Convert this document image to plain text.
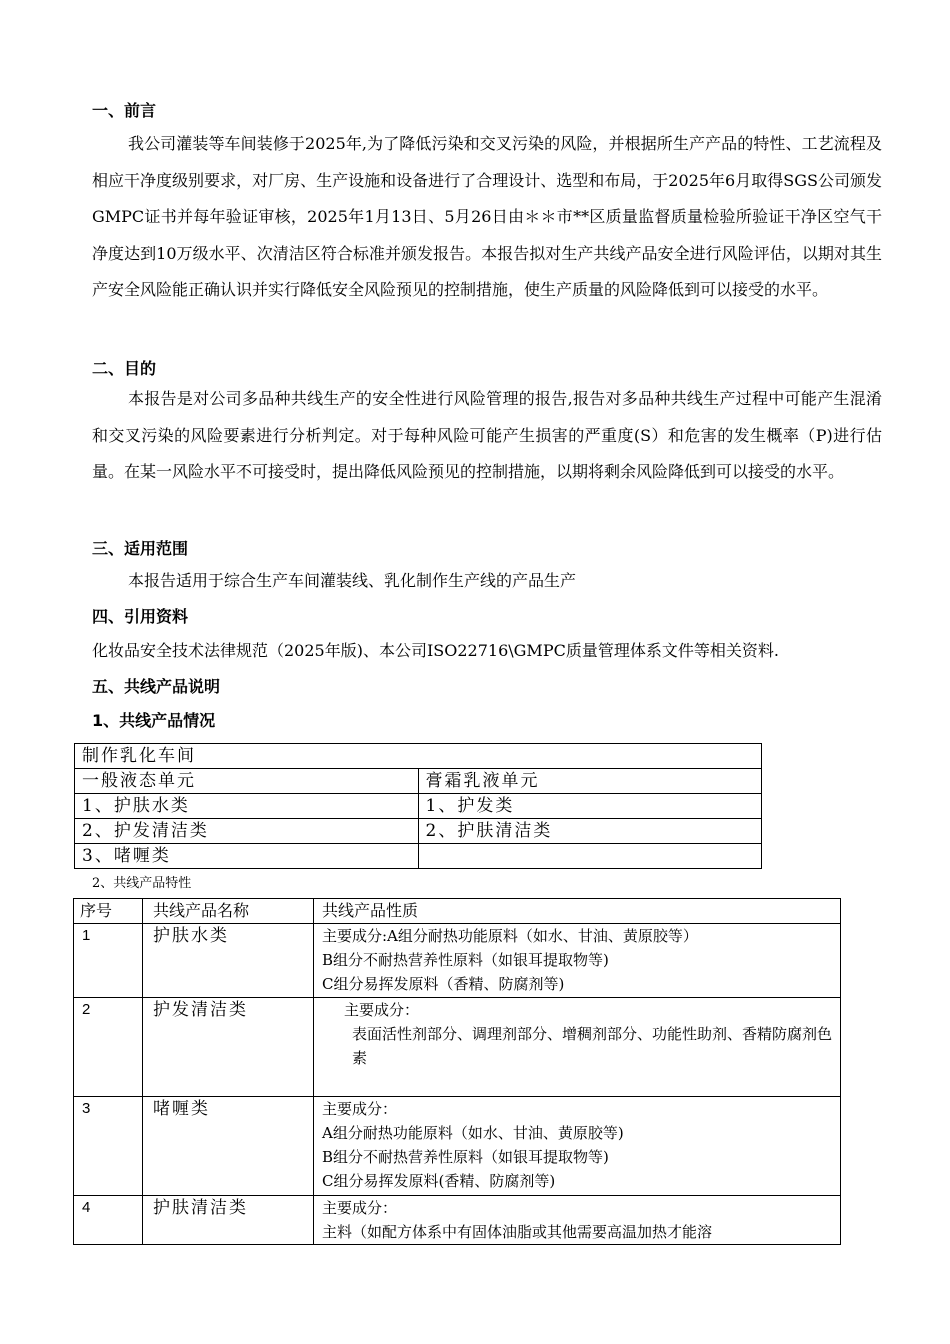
一、前言

我公司灌装等车间装修于2025年,为了降低污染和交叉污染的风险，并根据所生产产品的特性、工艺流程及相应干净度级别要求，对厂房、生产设施和设备进行了合理设计、选型和布局，于2025年6月取得SGS公司颁发GMPC证书并每年验证审核，2025年1月13日、5月26日由＊＊市**区质量监督质量检验所验证干净区空气干净度达到10万级水平、次清洁区符合标准并颁发报告。本报告拟对生产共线产品安全进行风险评估，以期对其生产安全风险能正确认识并实行降低安全风险预见的控制措施，使生产质量的风险降低到可以接受的水平。

二、目的

本报告是对公司多品种共线生产的安全性进行风险管理的报告,报告对多品种共线生产过程中可能产生混淆和交叉污染的风险要素进行分析判定。对于每种风险可能产生损害的严重度(S）和危害的发生概率（P)进行估量。在某一风险水平不可接受时，提出降低风险预见的控制措施，以期将剩余风险降低到可以接受的水平。

三、适用范围

本报告适用于综合生产车间灌装线、乳化制作生产线的产品生产

四、引用资料
化妆品安全技术法律规范（2025年版)、本公司ISO22716\GMPC质量管理体系文件等相关资料.
五、共线产品说明
1、共线产品情况
制作乳化车间	
一般液态单元	膏霜乳液单元
1、护肤水类	1、护发类
2、护发清洁类	2、护肤清洁类
3、啫喱类	
2、共线产品特性
序号	共线产品名称	共线产品性质
1	护肤水类	主要成分:A组分耐热功能原料（如水、甘油、黄原胶等）
B组分不耐热营养性原料（如银耳提取物等)
C组分易挥发原料（香精、防腐剂等)

2	护发清洁类	主要成分：
表面活性剂部分、调理剂部分、增稠剂部分、功能性助剂、香精防腐剂色素

3	啫喱类	主要成分：
A组分耐热功能原料（如水、甘油、黄原胶等)
B组分不耐热营养性原料（如银耳提取物等)
C组分易挥发原料(香精、防腐剂等)

4	护肤清洁类	主要成分：
主料（如配方体系中有固体油脂或其他需要高温加热才能溶
